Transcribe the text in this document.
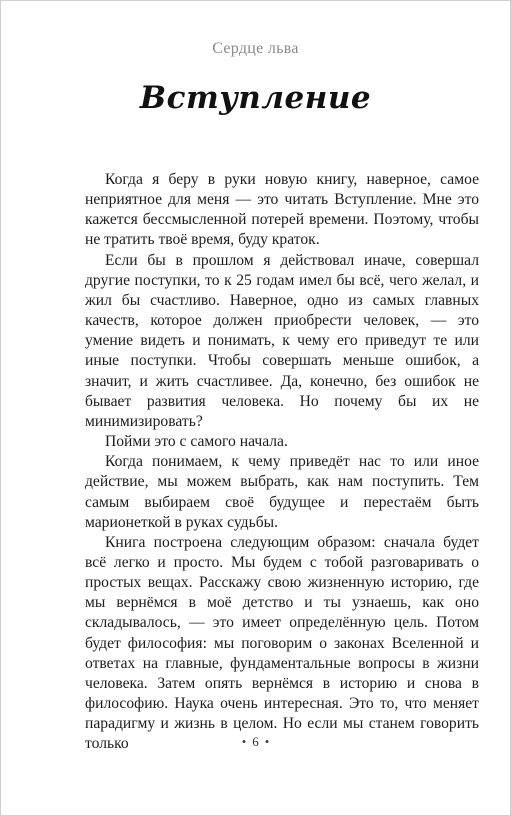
Сердце льва
Вступление

Когда я беру в руки новую книгу, наверное, самое неприятное для меня — это читать Вступление. Мне это кажется бессмысленной потерей времени. Поэтому, чтобы не тратить твоё время, буду краток.

Если бы в прошлом я действовал иначе, совершал другие поступки, то к 25 годам имел бы всё, чего желал, и жил бы счастливо. Наверное, одно из самых главных качеств, которое должен приобрести человек, — это умение видеть и понимать, к чему его приведут те или иные поступки. Чтобы совершать меньше ошибок, а значит, и жить счастливее. Да, конечно, без ошибок не бывает развития человека. Но почему бы их не минимизировать?

Пойми это с самого начала.

Когда понимаем, к чему приведёт нас то или иное действие, мы можем выбрать, как нам поступить. Тем самым выбираем своё будущее и перестаём быть марионеткой в руках судьбы.

Книга построена следующим образом: сначала будет всё легко и просто. Мы будем с тобой разговаривать о простых вещах. Расскажу свою жизненную историю, где мы вернёмся в моё детство и ты узнаешь, как оно складывалось, — это имеет определённую цель. Потом будет философия: мы поговорим о законах Вселенной и ответах на главные, фундаментальные вопросы в жизни человека. Затем опять вернёмся в историю и снова в философию. Наука очень интересная. Это то, что меняет парадигму и жизнь в целом. Но если мы станем говорить только	• 6 •
